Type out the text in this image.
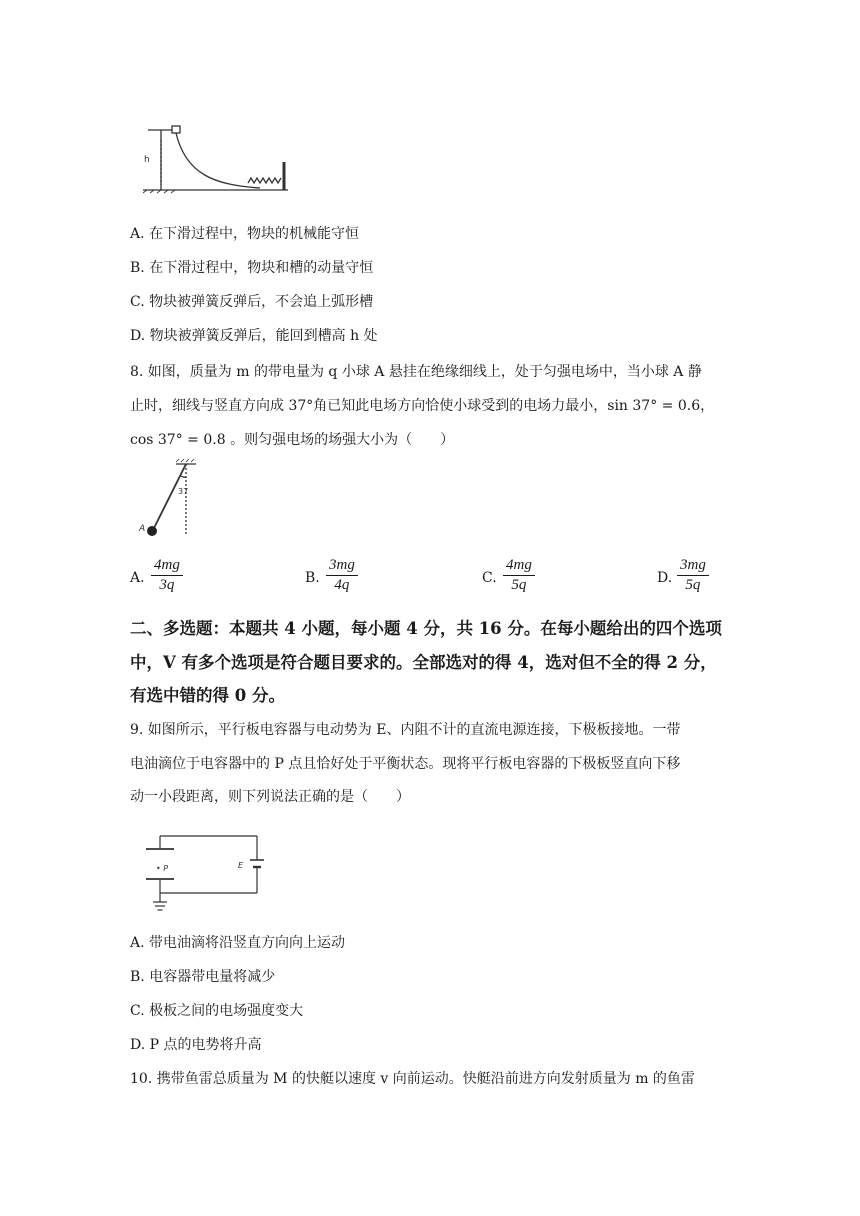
h
A. 在下滑过程中，物块的机械能守恒
B. 在下滑过程中，物块和槽的动量守恒
C. 物块被弹簧反弹后，不会追上弧形槽
D. 物块被弹簧反弹后，能回到槽高 h 处
8. 如图，质量为 m 的带电量为 q 小球 A 悬挂在绝缘细线上，处于匀强电场中，当小球 A 静
止时，细线与竖直方向成 37°角已知此电场方向恰使小球受到的电场力最小，sin 37° = 0.6，
cos 37° = 0.8 。则匀强电场的场强大小为（　　）
A
37
A. $\frac{4mg}{3q}$	B. $\frac{3mg}{4q}$	C. $\frac{4mg}{5q}$	D. $\frac{3mg}{5q}$
二、多选题：本题共 4 小题，每小题 4 分，共 16 分。在每小题给出的四个选项
中，V 有多个选项是符合题目要求的。全部选对的得 4，选对但不全的得 2 分，
有选中错的得 0 分。
9. 如图所示，平行板电容器与电动势为 E、内阻不计的直流电源连接，下极板接地。一带
电油滴位于电容器中的 P 点且恰好处于平衡状态。现将平行板电容器的下极板竖直向下移
动一小段距离，则下列说法正确的是（　　）
• P	E
A. 带电油滴将沿竖直方向向上运动
B. 电容器带电量将减少
C. 极板之间的电场强度变大
D. P 点的电势将升高
10. 携带鱼雷总质量为 M 的快艇以速度 v 向前运动。快艇沿前进方向发射质量为 m 的鱼雷
